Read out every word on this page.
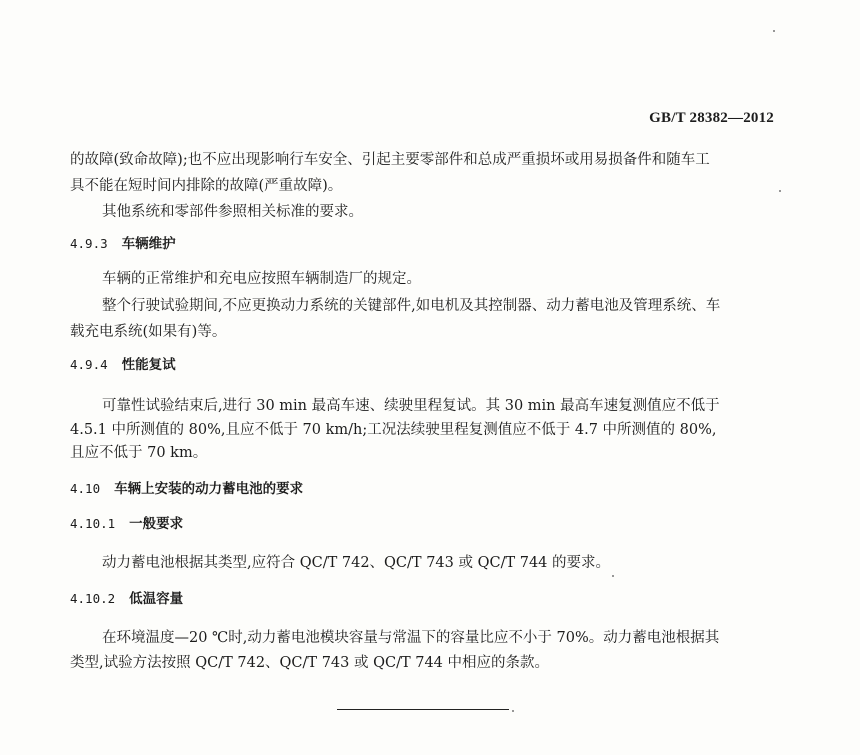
GB/T 28382—2012
的故障(致命故障);也不应出现影响行车安全、引起主要零部件和总成严重损坏或用易损备件和随车工
具不能在短时间内排除的故障(严重故障)。
其他系统和零部件参照相关标准的要求。
4.9.3 车辆维护
车辆的正常维护和充电应按照车辆制造厂的规定。
整个行驶试验期间,不应更换动力系统的关键部件,如电机及其控制器、动力蓄电池及管理系统、车
载充电系统(如果有)等。
4.9.4 性能复试
可靠性试验结束后,进行 30 min 最高车速、续驶里程复试。其 30 min 最高车速复测值应不低于
4.5.1 中所测值的 80%,且应不低于 70 km/h;工况法续驶里程复测值应不低于 4.7 中所测值的 80%,
且应不低于 70 km。
4.10 车辆上安装的动力蓄电池的要求
4.10.1 一般要求
动力蓄电池根据其类型,应符合 QC/T 742、QC/T 743 或 QC/T 744 的要求。
4.10.2 低温容量
在环境温度—20 ℃时,动力蓄电池模块容量与常温下的容量比应不小于 70%。动力蓄电池根据其
类型,试验方法按照 QC/T 742、QC/T 743 或 QC/T 744 中相应的条款。
